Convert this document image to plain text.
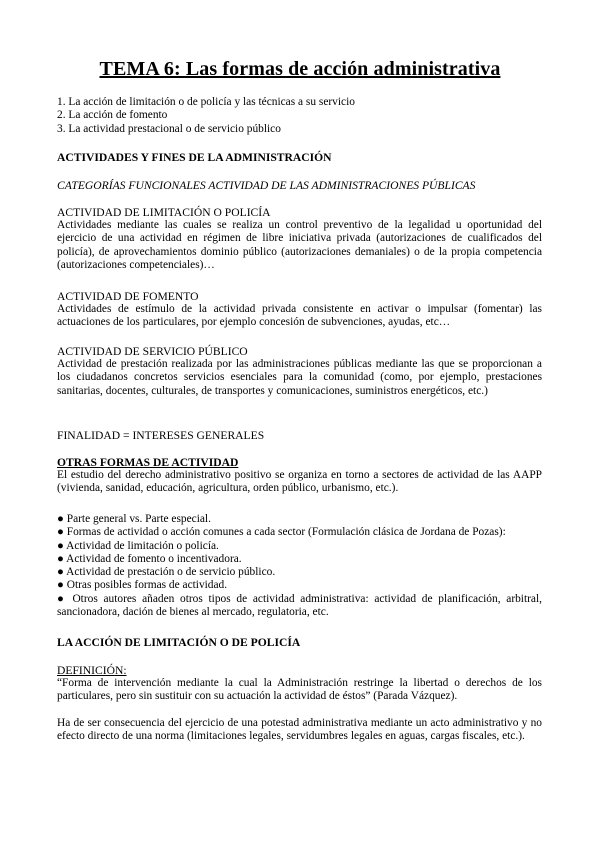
TEMA 6: Las formas de acción administrativa
1. La acción de limitación o de policía y las técnicas a su servicio
2. La acción de fomento
3. La actividad prestacional o de servicio público
ACTIVIDADES Y FINES DE LA ADMINISTRACIÓN
CATEGORÍAS FUNCIONALES ACTIVIDAD DE LAS ADMINISTRACIONES PÚBLICAS
ACTIVIDAD DE LIMITACIÓN O POLICÍA
Actividades mediante las cuales se realiza un control preventivo de la legalidad u oportunidad del ejercicio de una actividad en régimen de libre iniciativa privada (autorizaciones de cualificados del policía), de aprovechamientos dominio público (autorizaciones demaniales) o de la propia competencia (autorizaciones competenciales)…
ACTIVIDAD DE FOMENTO
Actividades de estímulo de la actividad privada consistente en activar o impulsar (fomentar) las actuaciones de los particulares, por ejemplo concesión de subvenciones, ayudas, etc…
ACTIVIDAD DE SERVICIO PÚBLICO
Actividad de prestación realizada por las administraciones públicas mediante las que se proporcionan a los ciudadanos concretos servicios esenciales para la comunidad (como, por ejemplo, prestaciones sanitarias, docentes, culturales, de transportes y comunicaciones, suministros energéticos, etc.)
FINALIDAD = INTERESES GENERALES
OTRAS FORMAS DE ACTIVIDAD
El estudio del derecho administrativo positivo se organiza en torno a sectores de actividad de las AAPP (vivienda, sanidad, educación, agricultura, orden público, urbanismo, etc.).
● Parte general vs. Parte especial.
● Formas de actividad o acción comunes a cada sector (Formulación clásica de Jordana de Pozas):
● Actividad de limitación o policía.
● Actividad de fomento o incentivadora.
● Actividad de prestación o de servicio público.
● Otras posibles formas de actividad.
● Otros autores añaden otros tipos de actividad administrativa: actividad de planificación, arbitral, sancionadora, dación de bienes al mercado, regulatoria, etc.
LA ACCIÓN DE LIMITACIÓN O DE POLICÍA
DEFINICIÓN:
“Forma de intervención mediante la cual la Administración restringe la libertad o derechos de los particulares, pero sin sustituir con su actuación la actividad de éstos” (Parada Vázquez).
Ha de ser consecuencia del ejercicio de una potestad administrativa mediante un acto administrativo y no efecto directo de una norma (limitaciones legales, servidumbres legales en aguas, cargas fiscales, etc.).
